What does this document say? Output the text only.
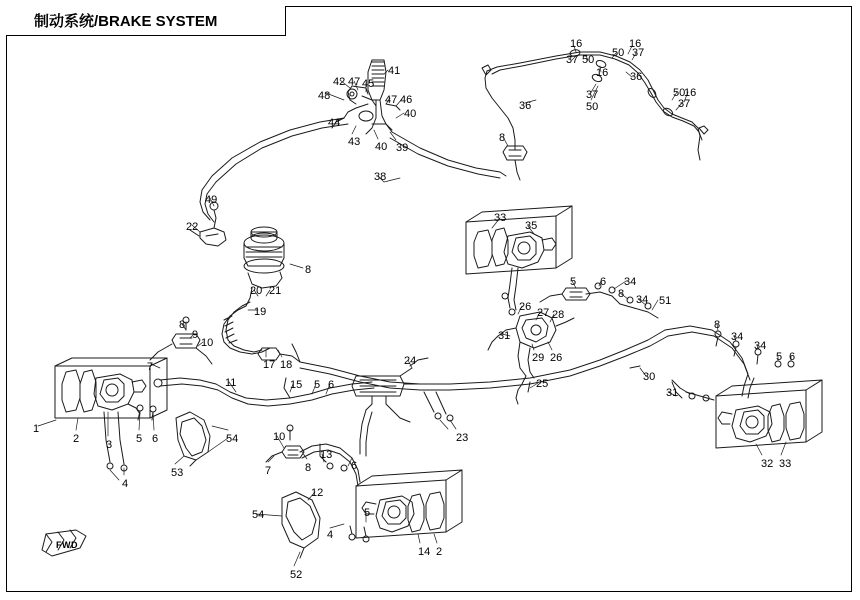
制动系统/BRAKE SYSTEM
FWD
16	16
37 50
50 37
16 36
37
50
36
50
16
37
41
42 47 45
48	47 46
40
44
43 40 39
8
38
49
22
33
35
8
20 21
19
5 6 34
8 34 51
26 27 28
31
29 26
8
9
10
7	17 18	24
8
34
34
5 6
11	15 5 6	25
30
31
1
2 3 5 6	54	10
13
23
53
4
7	8	6	32 33
12
5
54
4
14 2
52
